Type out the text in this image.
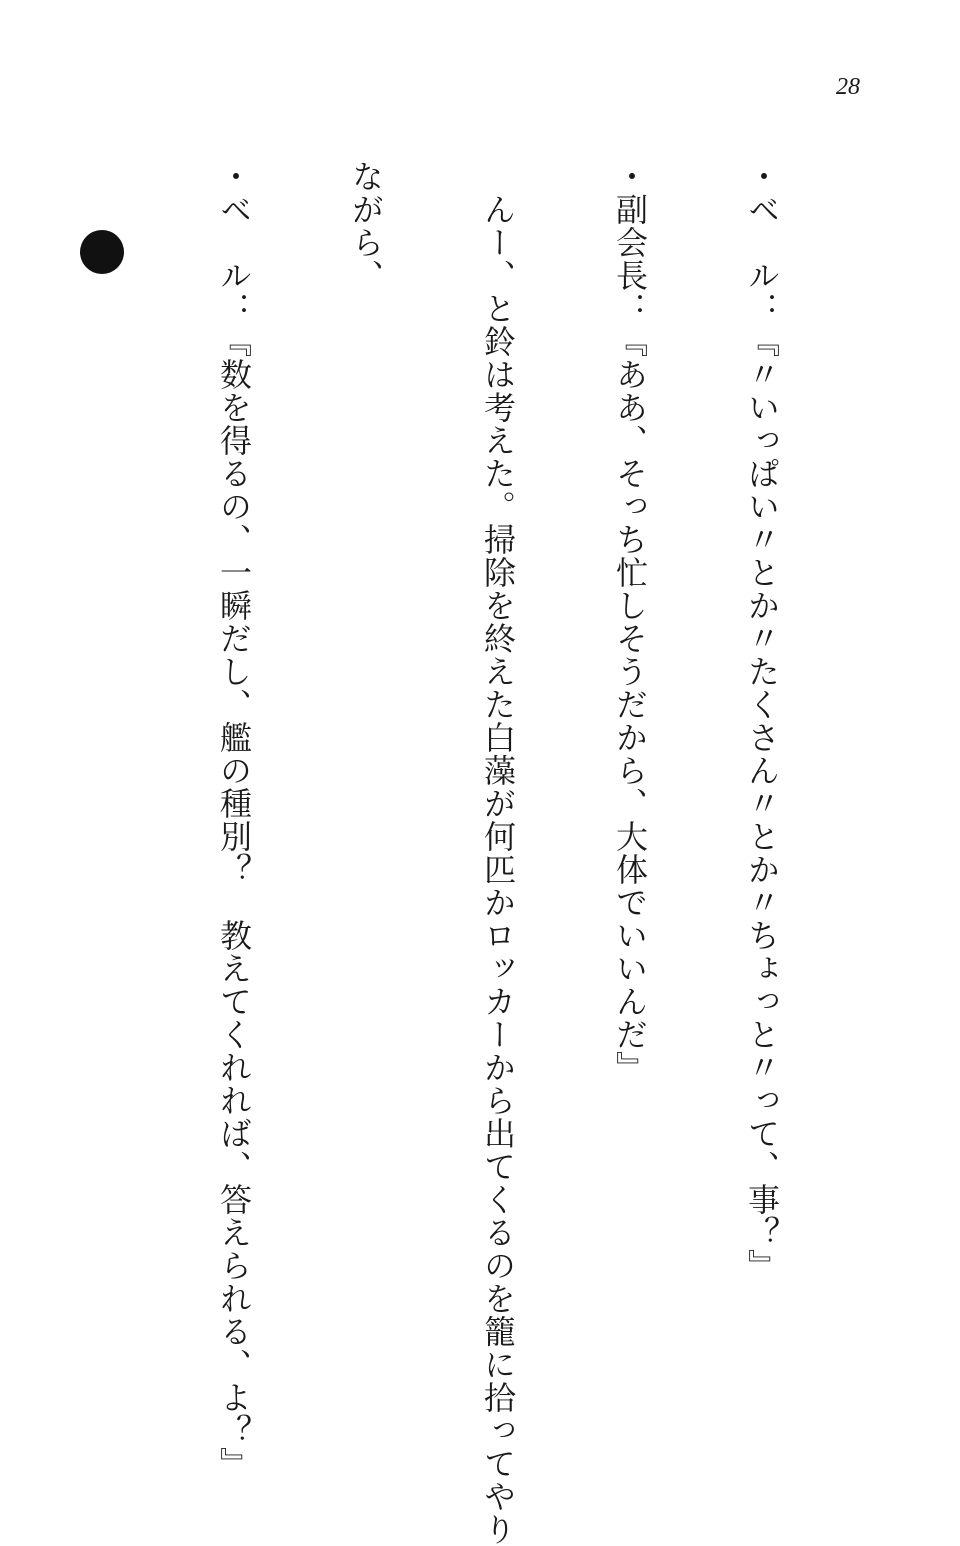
28

・ベ　ル：『〃いっぱい〃とか〃たくさん〃とか〃ちょっと〃って、事？』

・副会長：『ああ、そっち忙しそうだから、大体でいいんだ』

　んー、と鈴は考えた。掃除を終えた白藻が何匹かロッカーから出てくるのを籠に拾ってやり

ながら、

・ベ　ル：『数を得るの、一瞬だし、艦の種別？　教えてくれれば、答えられる、よ？』
